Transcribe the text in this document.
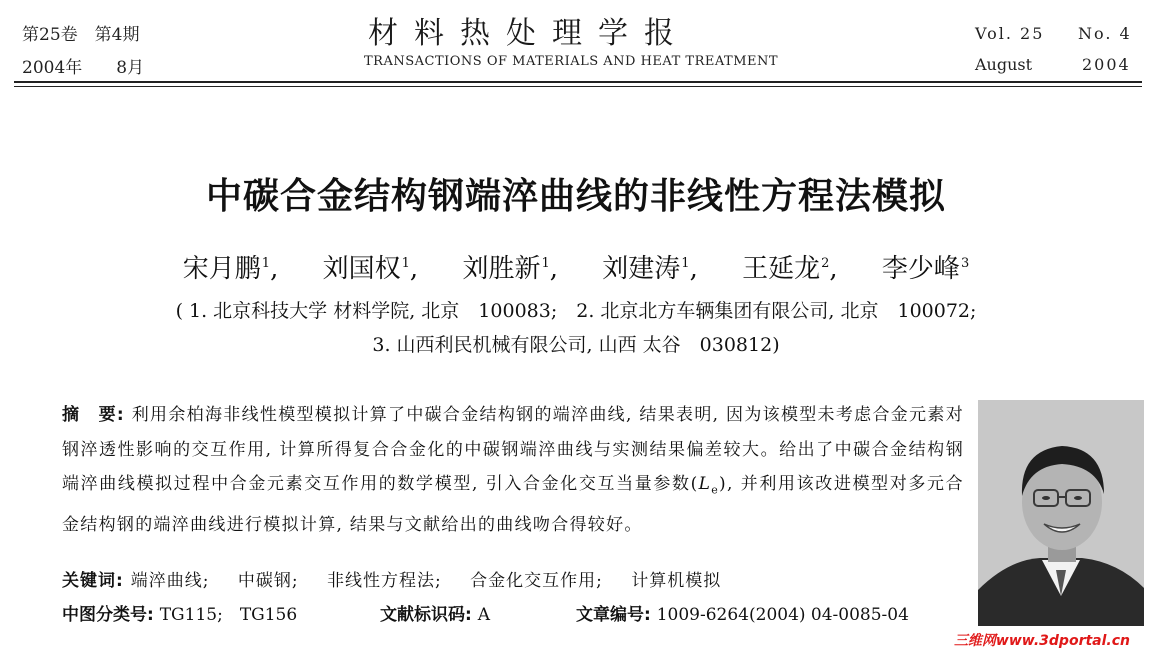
第25卷　第4期
2004年　　8月
材料热处理学报
TRANSACTIONS OF MATERIALS AND HEAT TREATMENT
Vol. 25 No. 4
August	2004
中碳合金结构钢端淬曲线的非线性方程法模拟
宋月鹏$^1$, 刘国权$^1$, 刘胜新$^1$, 刘建涛$^1$, 王延龙$^2$, 李少峰$^3$
( 1. 北京科技大学 材料学院, 北京　100083;　2. 北京北方车辆集团有限公司, 北京　100072;
3. 山西利民机械有限公司, 山西 太谷　030812)
摘　要: 利用余柏海非线性模型模拟计算了中碳合金结构钢的端淬曲线, 结果表明, 因为该模型未考虑合金元素对钢淬透性影响的交互作用, 计算所得复合合金化的中碳钢端淬曲线与实测结果偏差较大。给出了中碳合金结构钢端淬曲线模拟过程中合金元素交互作用的数学模型, 引入合金化交互当量参数$(L_e)$, 并利用该改进模型对多元合金结构钢的端淬曲线进行模拟计算, 结果与文献给出的曲线吻合得较好。
关键词: 端淬曲线; 中碳钢; 非线性方程法; 合金化交互作用; 计算机模拟
中图分类号: TG115;　TG156	文献标识码: A	文章编号: 1009-6264(2004) 04-0085-04
三维网www.3dportal.cn
